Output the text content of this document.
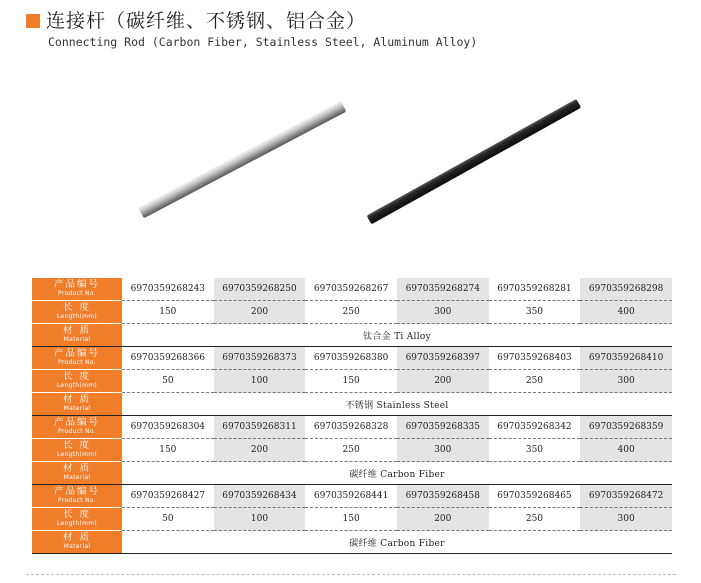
连接杆（碳纤维、不锈钢、铝合金）
Connecting Rod (Carbon Fiber, Stainless Steel, Aluminum Alloy)
产品编号
Product No.	6970359268243	6970359268250	6970359268267	6970359268274	6970359268281	6970359268298

长 度
Length(mm)	150	200	250	300	350	400

材 质
Material	钛合金 Ti Alloy					

产品编号
Product No.	6970359268366	6970359268373	6970359268380	6970359268397	6970359268403	6970359268410

长 度
Length(mm)	50	100	150	200	250	300

材 质
Material	不锈钢 Stainless Steel					

产品编号
Product No.	6970359268304	6970359268311	6970359268328	6970359268335	6970359268342	6970359268359

长 度
Length(mm)	150	200	250	300	350	400

材 质
Material	碳纤维 Carbon Fiber					

产品编号
Product No.	6970359268427	6970359268434	6970359268441	6970359268458	6970359268465	6970359268472

长 度
Length(mm)	50	100	150	200	250	300

材 质
Material	碳纤维 Carbon Fiber					
